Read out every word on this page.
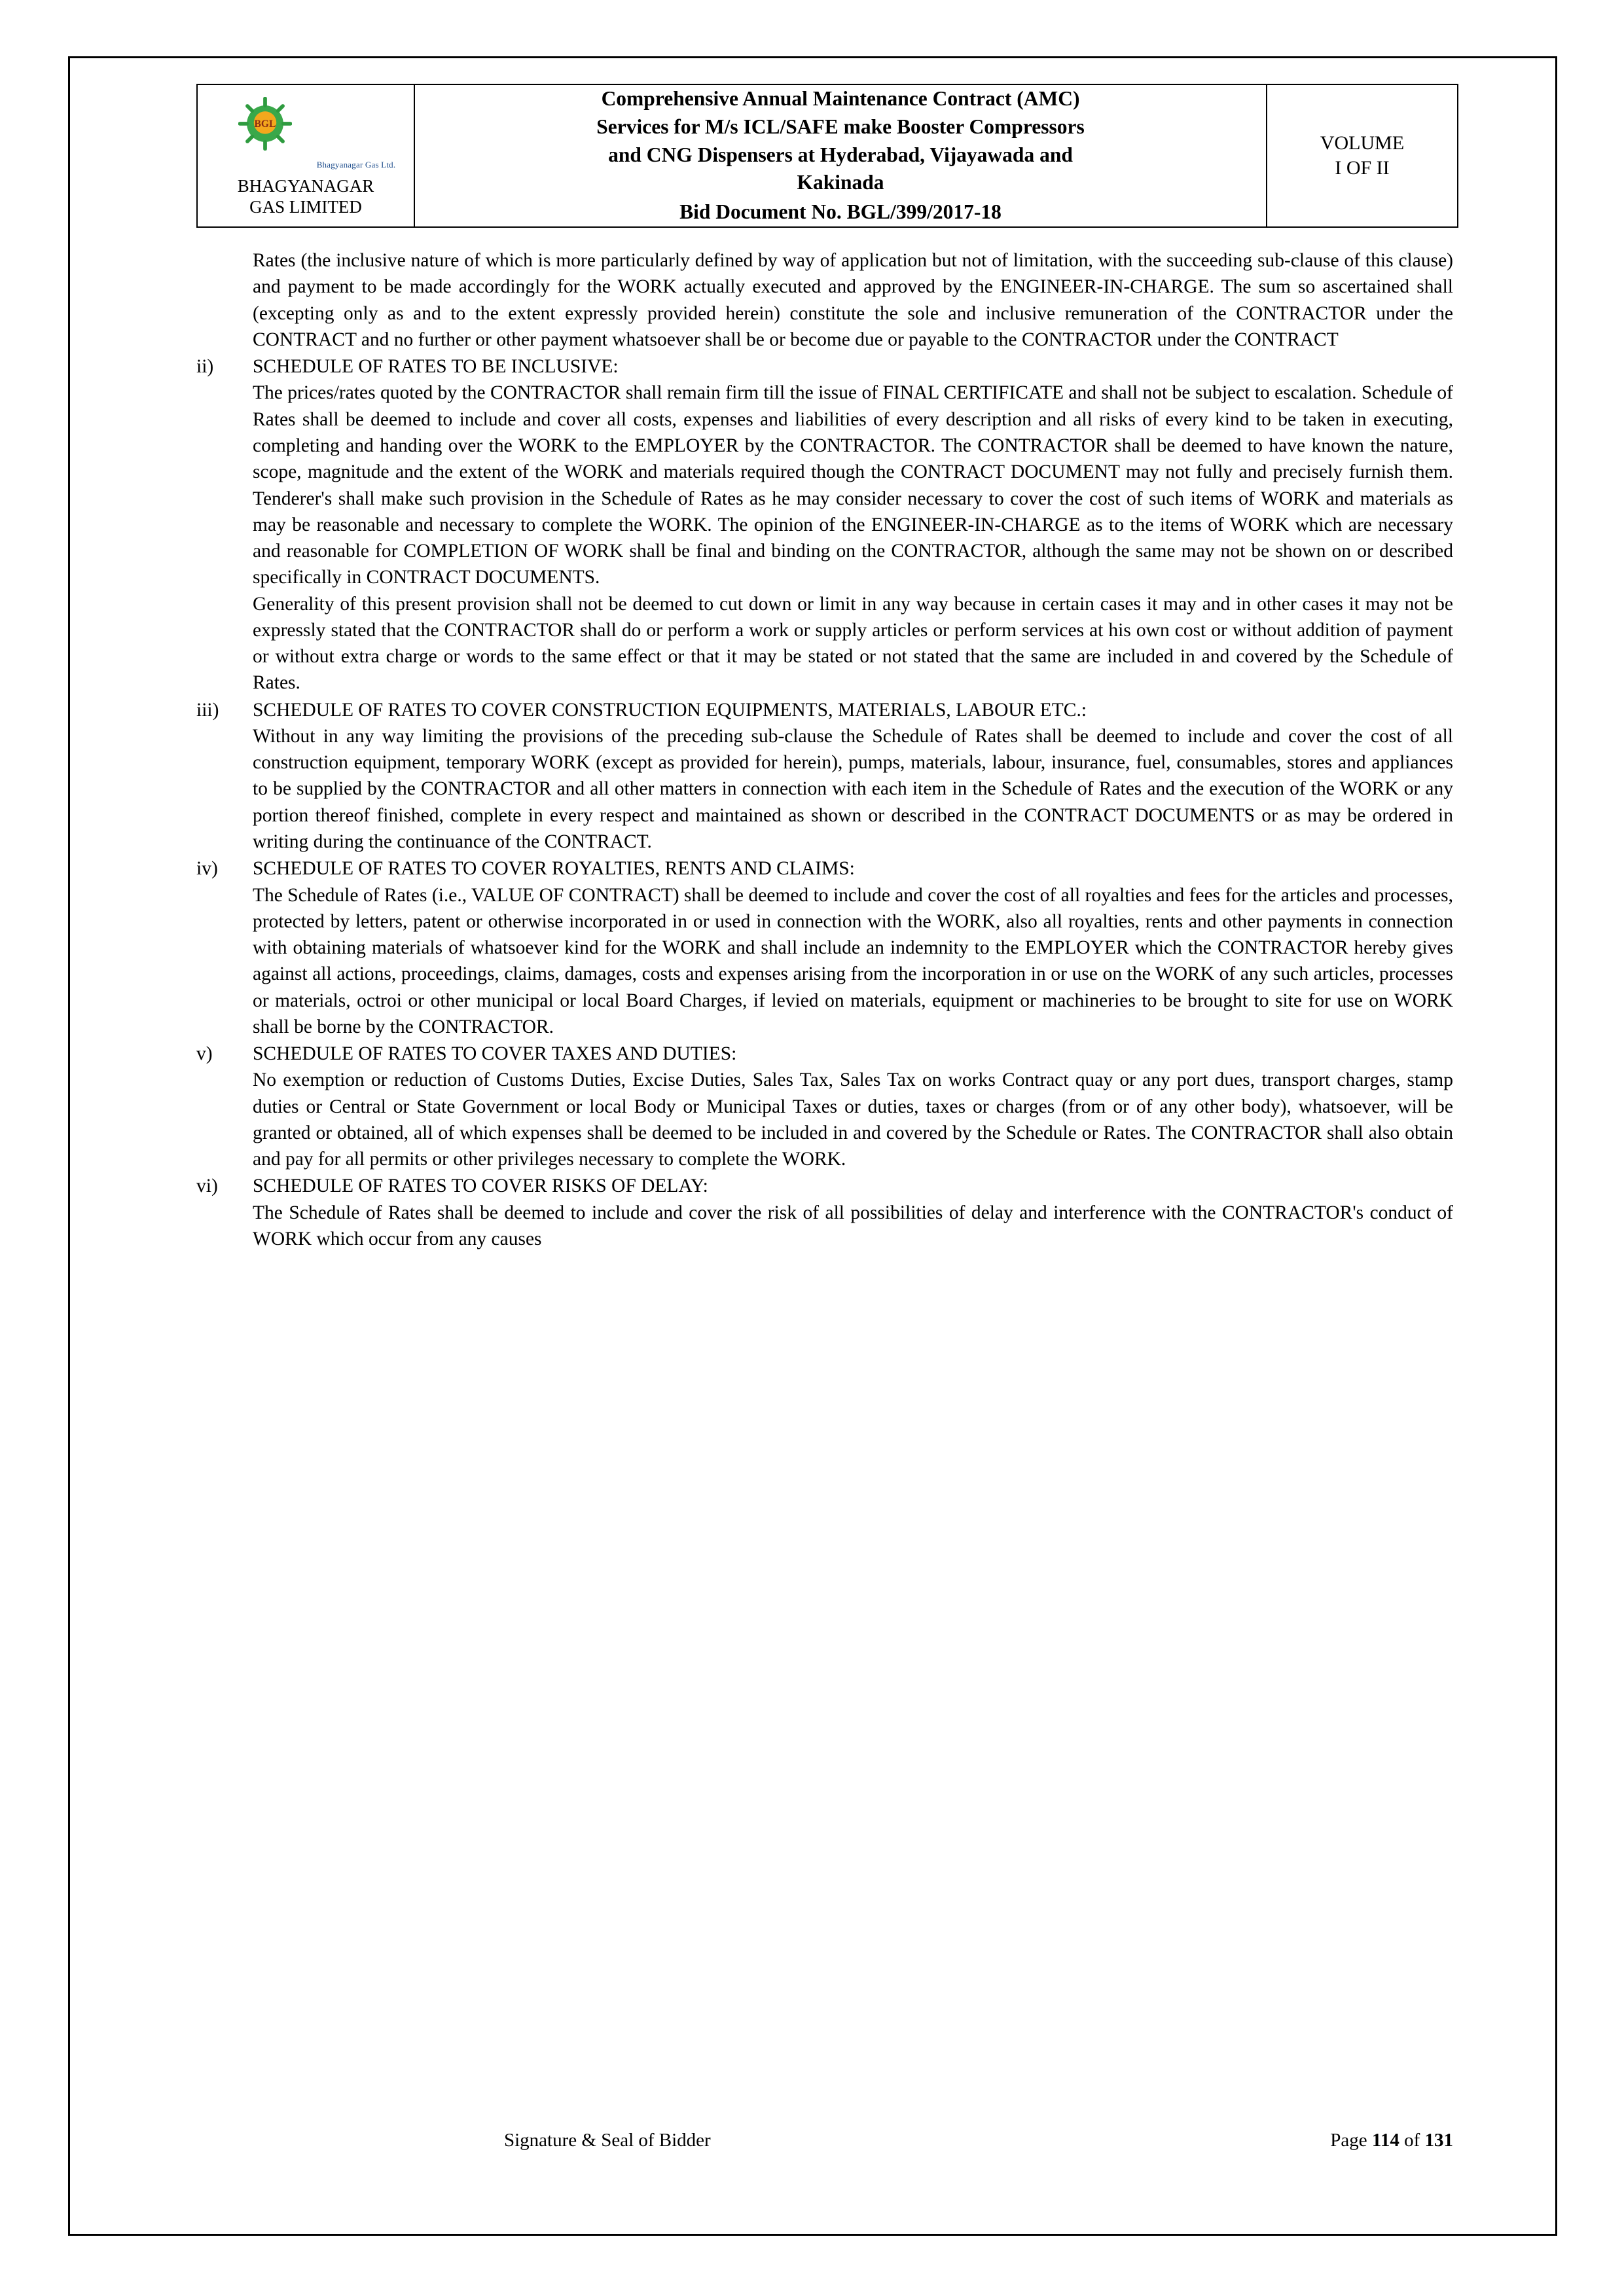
BGL
Bhagyanagar Gas Ltd.
BHAGYANAGAR
GAS LIMITED

Comprehensive Annual Maintenance Contract (AMC)
Services for M/s ICL/SAFE make Booster Compressors
and CNG Dispensers at Hyderabad, Vijayawada and
Kakinada
Bid Document No. BGL/399/2017-18

VOLUME
I OF II

Rates (the inclusive nature of which is more particularly defined by way of application but not of limitation, with the succeeding sub-clause of this clause) and payment to be made accordingly for the WORK actually executed and approved by the ENGINEER-IN-CHARGE. The sum so ascertained shall (excepting only as and to the extent expressly provided herein) constitute the sole and inclusive remuneration of the CONTRACTOR under the CONTRACT and no further or other payment whatsoever shall be or become due or payable to the CONTRACTOR under the CONTRACT

ii)	SCHEDULE OF RATES TO BE INCLUSIVE:

The prices/rates quoted by the CONTRACTOR shall remain firm till the issue of FINAL CERTIFICATE and shall not be subject to escalation. Schedule of Rates shall be deemed to include and cover all costs, expenses and liabilities of every description and all risks of every kind to be taken in executing, completing and handing over the WORK to the EMPLOYER by the CONTRACTOR. The CONTRACTOR shall be deemed to have known the nature, scope, magnitude and the extent of the WORK and materials required though the CONTRACT DOCUMENT may not fully and precisely furnish them. Tenderer's shall make such provision in the Schedule of Rates as he may consider necessary to cover the cost of such items of WORK and materials as may be reasonable and necessary to complete the WORK. The opinion of the ENGINEER-IN-CHARGE as to the items of WORK which are necessary and reasonable for COMPLETION OF WORK shall be final and binding on the CONTRACTOR, although the same may not be shown on or described specifically in CONTRACT DOCUMENTS.

Generality of this present provision shall not be deemed to cut down or limit in any way because in certain cases it may and in other cases it may not be expressly stated that the CONTRACTOR shall do or perform a work or supply articles or perform services at his own cost or without addition of payment or without extra charge or words to the same effect or that it may be stated or not stated that the same are included in and covered by the Schedule of Rates.

iii)	SCHEDULE OF RATES TO COVER CONSTRUCTION EQUIPMENTS, MATERIALS, LABOUR ETC.:

Without in any way limiting the provisions of the preceding sub-clause the Schedule of Rates shall be deemed to include and cover the cost of all construction equipment, temporary WORK (except as provided for herein), pumps, materials, labour, insurance, fuel, consumables, stores and appliances to be supplied by the CONTRACTOR and all other matters in connection with each item in the Schedule of Rates and the execution of the WORK or any portion thereof finished, complete in every respect and maintained as shown or described in the CONTRACT DOCUMENTS or as may be ordered in writing during the continuance of the CONTRACT.

iv)	SCHEDULE OF RATES TO COVER ROYALTIES, RENTS AND CLAIMS:

The Schedule of Rates (i.e., VALUE OF CONTRACT) shall be deemed to include and cover the cost of all royalties and fees for the articles and processes, protected by letters, patent or otherwise incorporated in or used in connection with the WORK, also all royalties, rents and other payments in connection with obtaining materials of whatsoever kind for the WORK and shall include an indemnity to the EMPLOYER which the CONTRACTOR hereby gives against all actions, proceedings, claims, damages, costs and expenses arising from the incorporation in or use on the WORK of any such articles, processes or materials, octroi or other municipal or local Board Charges, if levied on materials, equipment or machineries to be brought to site for use on WORK shall be borne by the CONTRACTOR.

v)	SCHEDULE OF RATES TO COVER TAXES AND DUTIES:

No exemption or reduction of Customs Duties, Excise Duties, Sales Tax, Sales Tax on works Contract quay or any port dues, transport charges, stamp duties or Central or State Government or local Body or Municipal Taxes or duties, taxes or charges (from or of any other body), whatsoever, will be granted or obtained, all of which expenses shall be deemed to be included in and covered by the Schedule or Rates. The CONTRACTOR shall also obtain and pay for all permits or other privileges necessary to complete the WORK.

vi)	SCHEDULE OF RATES TO COVER RISKS OF DELAY:

The Schedule of Rates shall be deemed to include and cover the risk of all possibilities of delay and interference with the CONTRACTOR's conduct of WORK which occur from any causes

Signature & Seal of Bidder	Page 114 of 131
